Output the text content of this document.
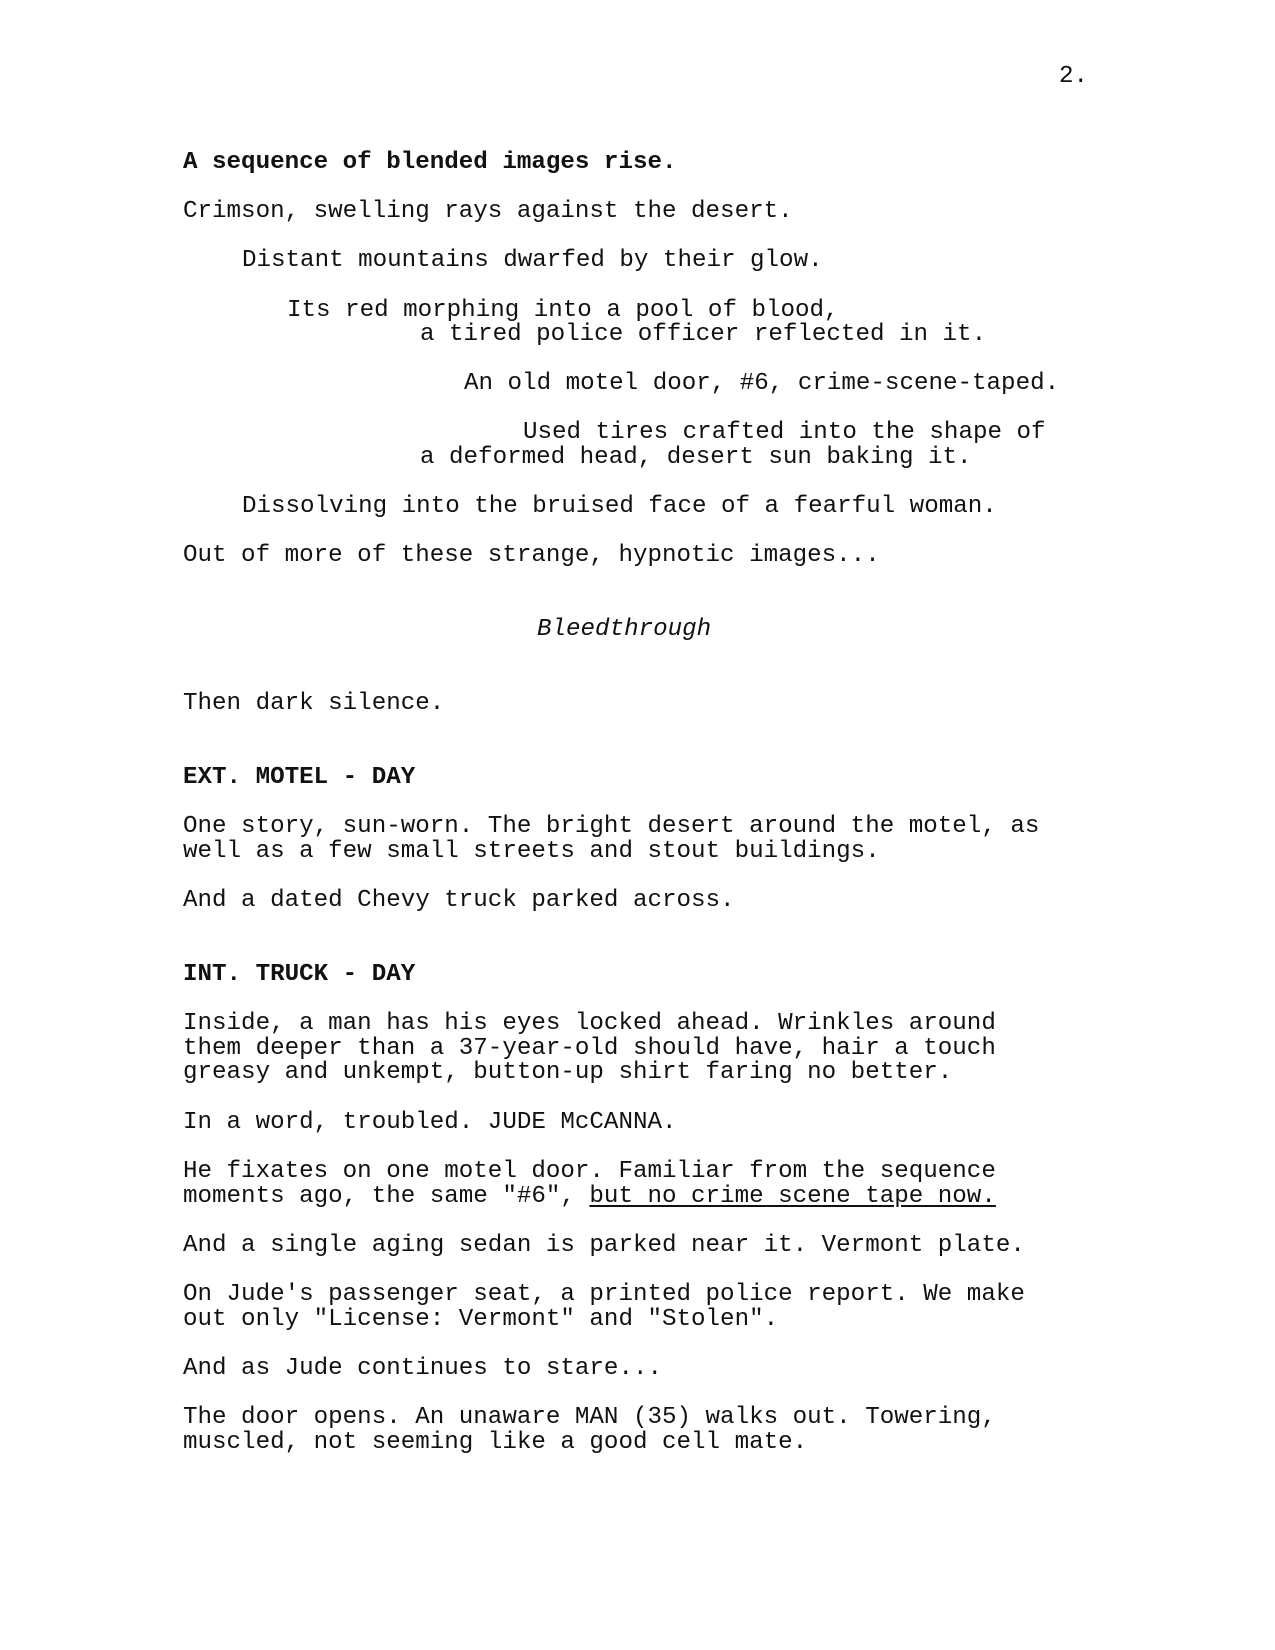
2.
A sequence of blended images rise.
Crimson, swelling rays against the desert.
Distant mountains dwarfed by their glow.
Its red morphing into a pool of blood,
a tired police officer reflected in it.
An old motel door, #6, crime-scene-taped.
Used tires crafted into the shape of
a deformed head, desert sun baking it.
Dissolving into the bruised face of a fearful woman.
Out of more of these strange, hypnotic images...
Bleedthrough
Then dark silence.
EXT. MOTEL - DAY
One story, sun-worn. The bright desert around the motel, as
well as a few small streets and stout buildings.
And a dated Chevy truck parked across.
INT. TRUCK - DAY
Inside, a man has his eyes locked ahead. Wrinkles around
them deeper than a 37-year-old should have, hair a touch
greasy and unkempt, button-up shirt faring no better.
In a word, troubled. JUDE McCANNA.
He fixates on one motel door. Familiar from the sequence
moments ago, the same "#6", but no crime scene tape now.
And a single aging sedan is parked near it. Vermont plate.
On Jude's passenger seat, a printed police report. We make
out only "License: Vermont" and "Stolen".
And as Jude continues to stare...
The door opens. An unaware MAN (35) walks out. Towering,
muscled, not seeming like a good cell mate.
